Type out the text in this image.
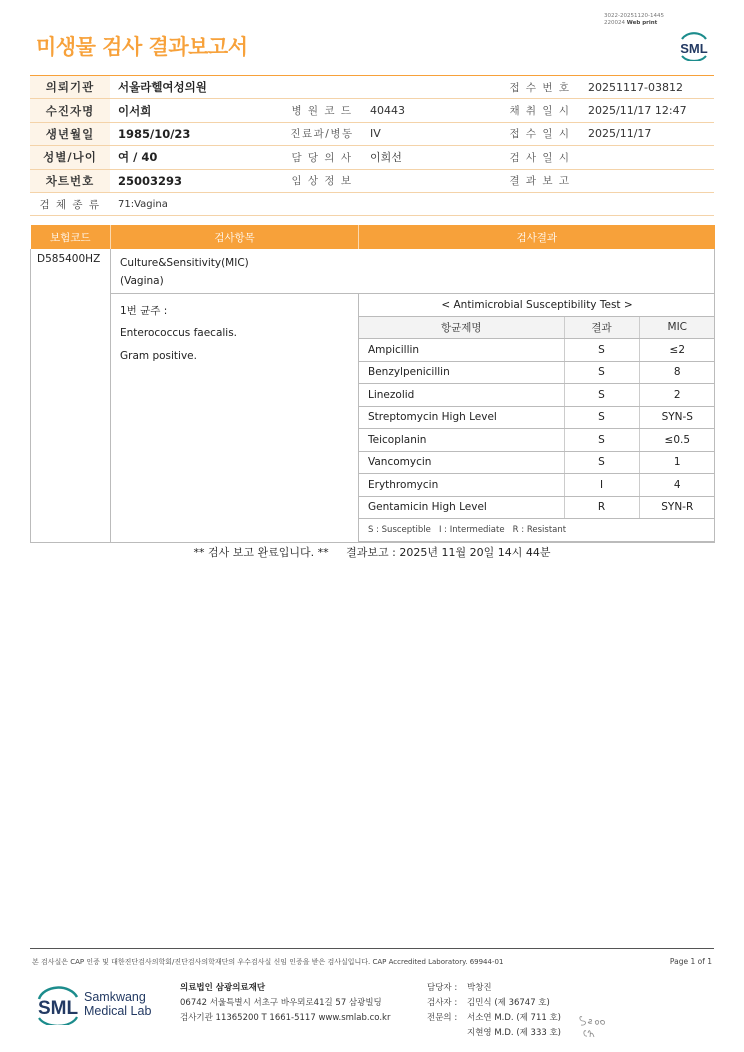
3022-20251120-1445
220024 Web print
미생물 검사 결과보고서	SML
의뢰기관	서울라헬여성의원			접 수 번 호	20251117-03812
수진자명	이서희	병 원 코 드	40443	채 취 일 시	2025/11/17 12:47
생년월일	1985/10/23	진료과/병동	IV	접 수 일 시	2025/11/17
성별/나이	여 / 40	담 당 의 사	이희선	검 사 일 시	
차트번호	25003293	임 상 정 보		결 과 보 고	
검 체 종 류	71:Vagina				
보험코드	검사항목	검사결과
D585400HZ	Culture&Sensitivity(MIC)
(Vagina)

1번 균주 :
Enterococcus faecalis.
Gram positive.

< Antimicrobial Susceptibility Test >
항균제명	결과	MIC
Ampicillin	S	≤2
Benzylpenicillin	S	8
Linezolid	S	2
Streptomycin High Level	S	SYN-S
Teicoplanin	S	≤0.5
Vancomycin	S	1
Erythromycin	I	4
Gentamicin High Level	R	SYN-R
S : Susceptible   I : Intermediate   R : Resistant
** 검사 보고 완료입니다. **     결과보고 : 2025년 11월 20일 14시 44분
본 검사실은 CAP 인증 및 대한진단검사의학회/진단검사의학재단의 우수검사실 신임 인증을 받은 검사실입니다. CAP Accredited Laboratory. 69944-01	Page 1 of 1
SML
Samkwang
Medical Lab
의료법인 삼광의료재단
06742 서울특별시 서초구 바우뫼로41길 57 삼광빌딩
검사기관 11365200 T 1661-5117 www.smlab.co.kr
담당자 :	박창진
검사자 :	김민식 (제 36747 호)
전문의 :	서소연 M.D. (제 711 호)
지현영 M.D. (제 333 호)
